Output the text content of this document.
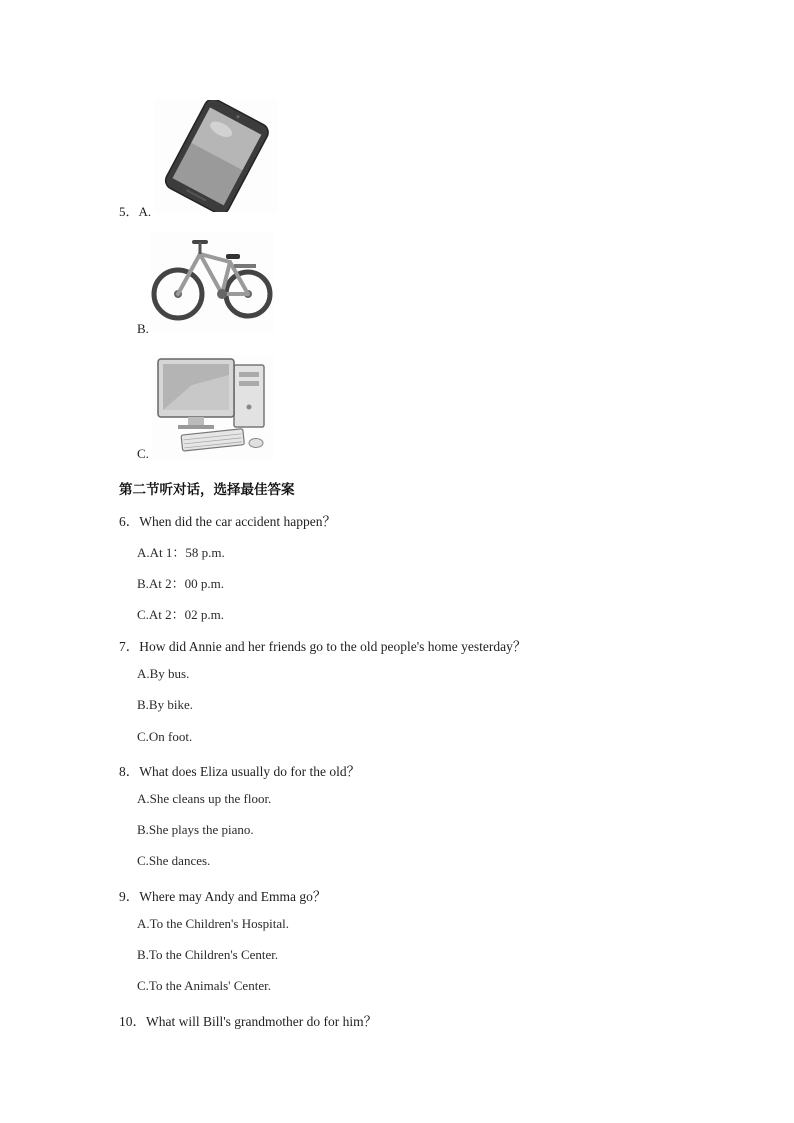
5．A.
B.
C.
第二节听对话，选择最佳答案
6．When did the car accident happen？
A.At 1：58 p.m.
B.At 2：00 p.m.
C.At 2：02 p.m.
7．How did Annie and her friends go to the old people's home yesterday？
A.By bus.
B.By bike.
C.On foot.
8．What does Eliza usually do for the old？
A.She cleans up the floor.
B.She plays the piano.
C.She dances.
9．Where may Andy and Emma go？
A.To the Children's Hospital.
B.To the Children's Center.
C.To the Animals' Center.
10．What will Bill's grandmother do for him？
